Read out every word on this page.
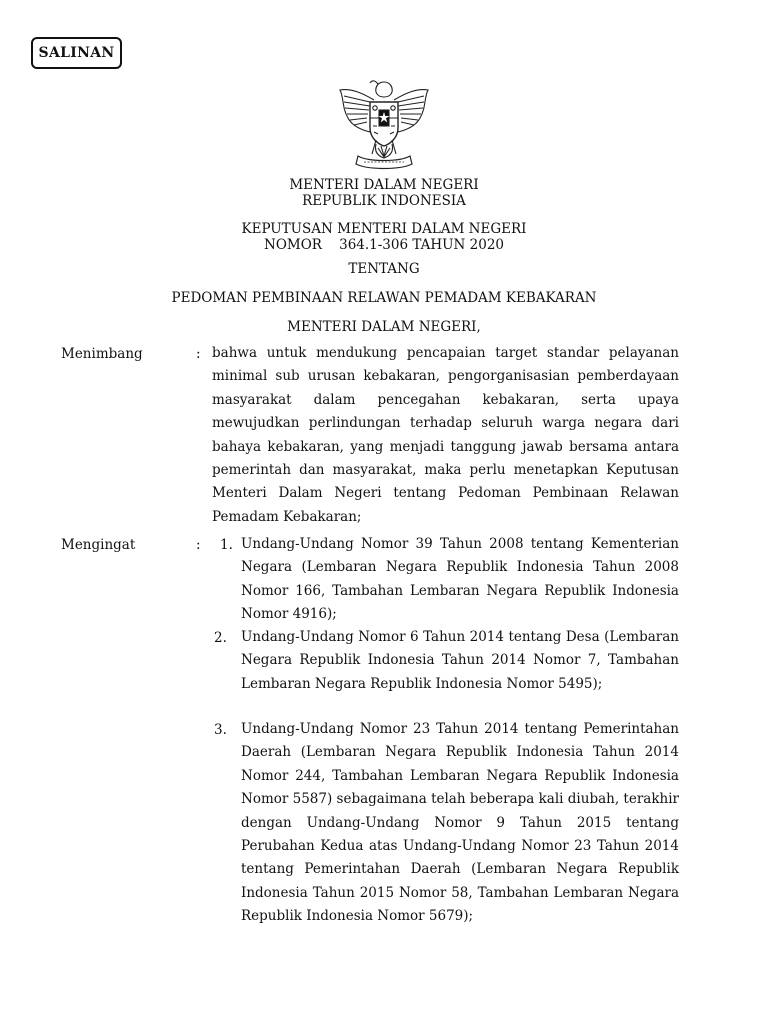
SALINAN
MENTERI DALAM NEGERI
REPUBLIK INDONESIA
KEPUTUSAN MENTERI DALAM NEGERI
NOMOR    364.1-306 TAHUN 2020
TENTANG
PEDOMAN PEMBINAAN RELAWAN PEMADAM KEBAKARAN
MENTERI DALAM NEGERI,
Menimbang	: bahwa untuk mendukung pencapaian target standar pelayanan minimal sub urusan kebakaran, pengorganisasian pemberdayaan masyarakat dalam pencegahan kebakaran, serta upaya mewujudkan perlindungan terhadap seluruh warga negara dari bahaya kebakaran, yang menjadi tanggung jawab bersama antara pemerintah dan masyarakat, maka perlu menetapkan Keputusan Menteri Dalam Negeri tentang Pedoman Pembinaan Relawan Pemadam Kebakaran;
Mengingat	: 1. Undang-Undang Nomor 39 Tahun 2008 tentang Kementerian Negara (Lembaran Negara Republik Indonesia Tahun 2008 Nomor 166, Tambahan Lembaran Negara Republik Indonesia Nomor 4916);
2. Undang-Undang Nomor 6 Tahun 2014 tentang Desa (Lembaran Negara Republik Indonesia Tahun 2014 Nomor 7, Tambahan Lembaran Negara Republik Indonesia Nomor 5495);
3. Undang-Undang Nomor 23 Tahun 2014 tentang Pemerintahan Daerah (Lembaran Negara Republik Indonesia Tahun 2014 Nomor 244, Tambahan Lembaran Negara Republik Indonesia Nomor 5587) sebagaimana telah beberapa kali diubah, terakhir dengan Undang-Undang Nomor 9 Tahun 2015 tentang Perubahan Kedua atas Undang-Undang Nomor 23 Tahun 2014 tentang Pemerintahan Daerah (Lembaran Negara Republik Indonesia Tahun 2015 Nomor 58, Tambahan Lembaran Negara Republik Indonesia Nomor 5679);
